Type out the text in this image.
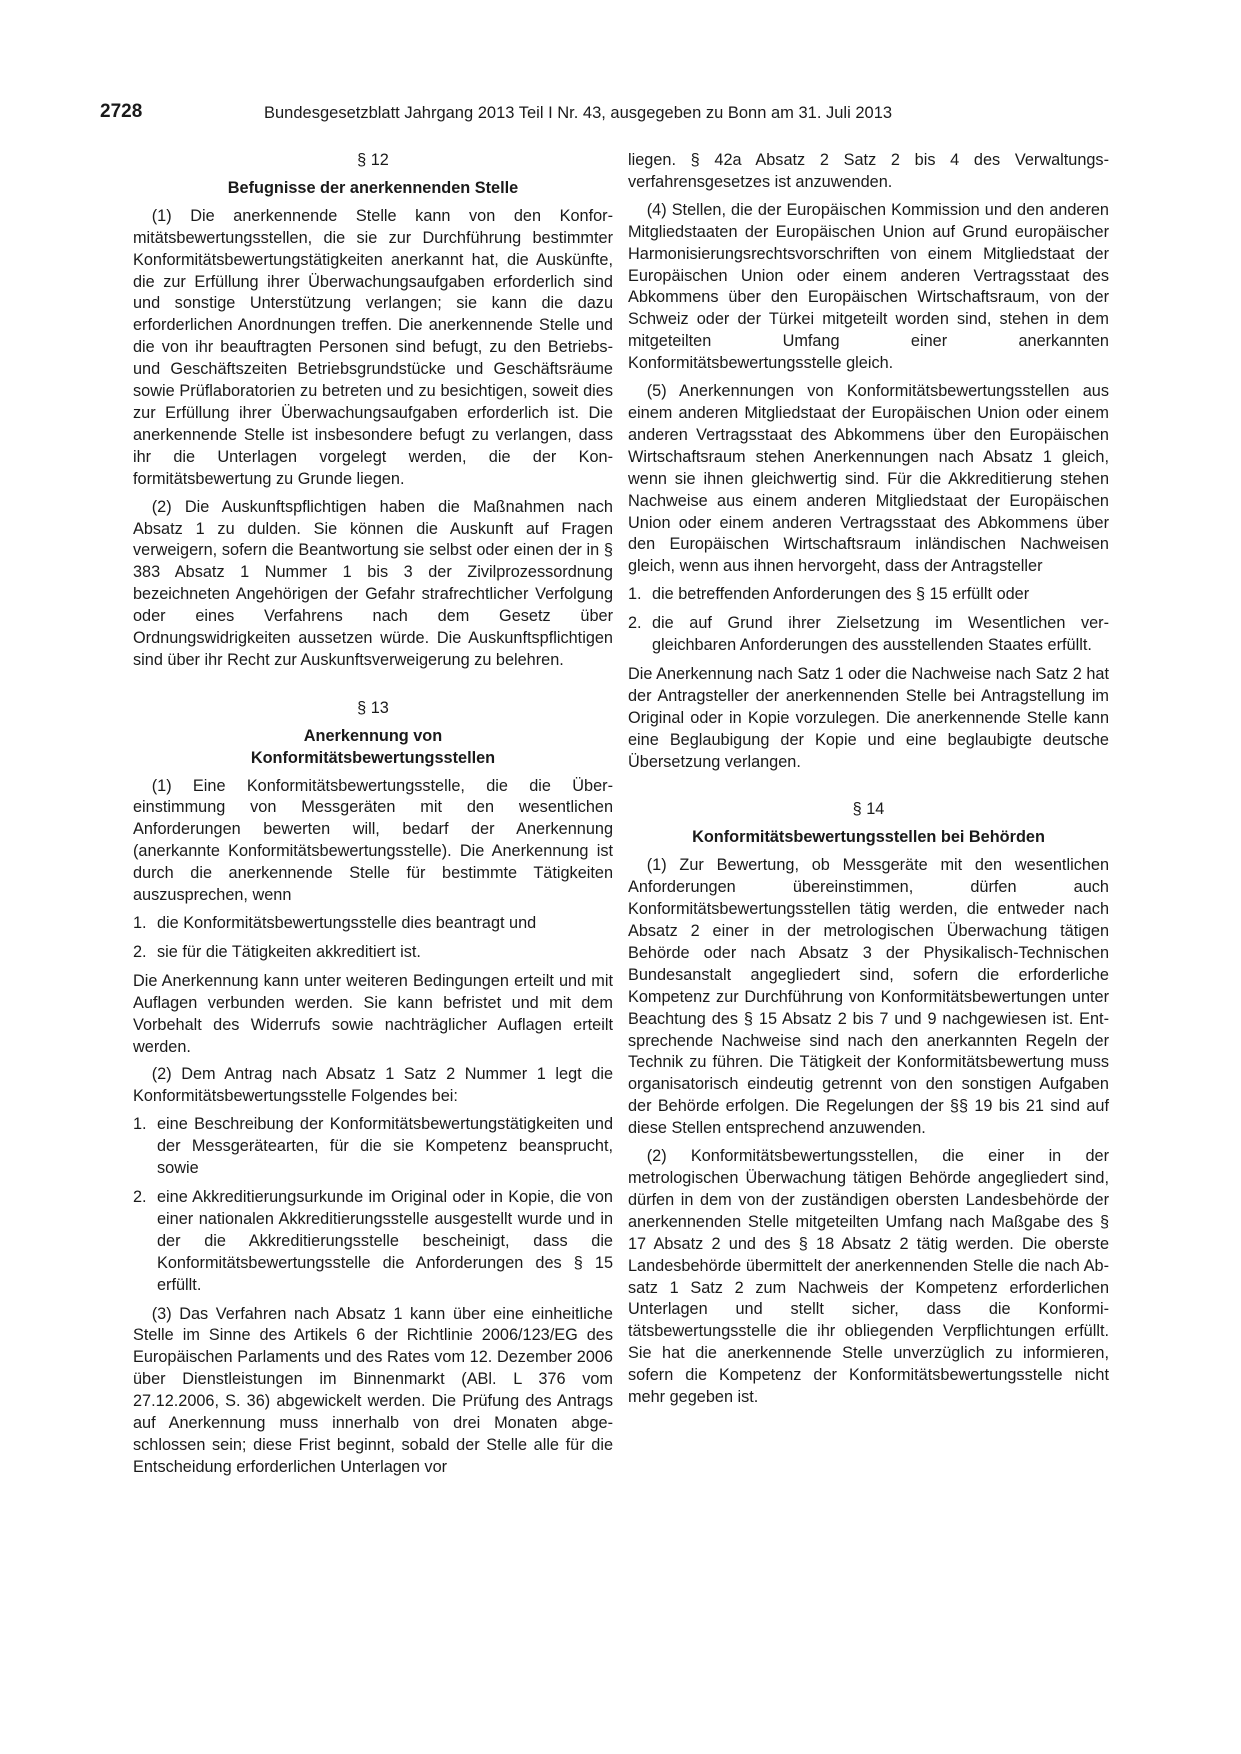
2728	Bundesgesetzblatt Jahrgang 2013 Teil I Nr. 43, ausgegeben zu Bonn am 31. Juli 2013
§ 12
Befugnisse der anerkennenden Stelle

(1) Die anerkennende Stelle kann von den Konformitätsbewertungsstellen, die sie zur Durchführung bestimmter Konformitätsbewertungstätigkeiten anerkannt hat, die Auskünfte, die zur Erfüllung ihrer Überwachungsaufgaben erforderlich sind und sonstige Unterstützung verlangen; sie kann die dazu erforderlichen Anordnungen treffen. Die anerkennende Stelle und die von ihr beauftragten Personen sind befugt, zu den Betriebs- und Geschäftszeiten Betriebsgrundstücke und Geschäftsräume sowie Prüflaboratorien zu betreten und zu besichtigen, soweit dies zur Erfüllung ihrer Überwachungsaufgaben erforderlich ist. Die anerkennende Stelle ist insbesondere befugt zu verlangen, dass ihr die Unterlagen vorgelegt werden, die der Konformitätsbewertung zu Grunde liegen.

(2) Die Auskunftspflichtigen haben die Maßnahmen nach Absatz 1 zu dulden. Sie können die Auskunft auf Fragen verweigern, sofern die Beantwortung sie selbst oder einen der in § 383 Absatz 1 Nummer 1 bis 3 der Zivilprozessordnung bezeichneten Angehörigen der Gefahr strafrechtlicher Verfolgung oder eines Verfahrens nach dem Gesetz über Ordnungswidrigkeiten aussetzen würde. Die Auskunftspflichtigen sind über ihr Recht zur Auskunftsverweigerung zu belehren.

§ 13
Anerkennung von
Konformitätsbewertungsstellen

(1) Eine Konformitätsbewertungsstelle, die die Übereinstimmung von Messgeräten mit den wesentlichen Anforderungen bewerten will, bedarf der Anerkennung (anerkannte Konformitätsbewertungsstelle). Die Anerkennung ist durch die anerkennende Stelle für bestimmte Tätigkeiten auszusprechen, wenn

1. die Konformitätsbewertungsstelle dies beantragt und
2. sie für die Tätigkeiten akkreditiert ist.

Die Anerkennung kann unter weiteren Bedingungen erteilt und mit Auflagen verbunden werden. Sie kann befristet und mit dem Vorbehalt des Widerrufs sowie nachträglicher Auflagen erteilt werden.

(2) Dem Antrag nach Absatz 1 Satz 2 Nummer 1 legt die Konformitätsbewertungsstelle Folgendes bei:

1. eine Beschreibung der Konformitätsbewertungstätigkeiten und der Messgerätearten, für die sie Kompetenz beansprucht, sowie
2. eine Akkreditierungsurkunde im Original oder in Kopie, die von einer nationalen Akkreditierungsstelle ausgestellt wurde und in der die Akkreditierungsstelle bescheinigt, dass die Konformitätsbewertungsstelle die Anforderungen des § 15 erfüllt.

(3) Das Verfahren nach Absatz 1 kann über eine einheitliche Stelle im Sinne des Artikels 6 der Richtlinie 2006/123/EG des Europäischen Parlaments und des Rates vom 12. Dezember 2006 über Dienstleistungen im Binnenmarkt (ABl. L 376 vom 27.12.2006, S. 36) abgewickelt werden. Die Prüfung des Antrags auf Anerkennung muss innerhalb von drei Monaten abgeschlossen sein; diese Frist beginnt, sobald der Stelle alle für die Entscheidung erforderlichen Unterlagen vor

liegen. § 42a Absatz 2 Satz 2 bis 4 des Verwaltungsverfahrensgesetzes ist anzuwenden.

(4) Stellen, die der Europäischen Kommission und den anderen Mitgliedstaaten der Europäischen Union auf Grund europäischer Harmonisierungsrechtsvorschriften von einem Mitgliedstaat der Europäischen Union oder einem anderen Vertragsstaat des Abkommens über den Europäischen Wirtschaftsraum, von der Schweiz oder der Türkei mitgeteilt worden sind, stehen in dem mitgeteilten Umfang einer anerkannten Konformitätsbewertungsstelle gleich.

(5) Anerkennungen von Konformitätsbewertungsstellen aus einem anderen Mitgliedstaat der Europäischen Union oder einem anderen Vertragsstaat des Abkommens über den Europäischen Wirtschaftsraum stehen Anerkennungen nach Absatz 1 gleich, wenn sie ihnen gleichwertig sind. Für die Akkreditierung stehen Nachweise aus einem anderen Mitgliedstaat der Europäischen Union oder einem anderen Vertragsstaat des Abkommens über den Europäischen Wirtschaftsraum inländischen Nachweisen gleich, wenn aus ihnen hervorgeht, dass der Antragsteller

1. die betreffenden Anforderungen des § 15 erfüllt oder
2. die auf Grund ihrer Zielsetzung im Wesentlichen vergleichbaren Anforderungen des ausstellenden Staates erfüllt.

Die Anerkennung nach Satz 1 oder die Nachweise nach Satz 2 hat der Antragsteller der anerkennenden Stelle bei Antragstellung im Original oder in Kopie vorzulegen. Die anerkennende Stelle kann eine Beglaubigung der Kopie und eine beglaubigte deutsche Übersetzung verlangen.

§ 14
Konformitätsbewertungsstellen bei Behörden

(1) Zur Bewertung, ob Messgeräte mit den wesentlichen Anforderungen übereinstimmen, dürfen auch Konformitätsbewertungsstellen tätig werden, die entweder nach Absatz 2 einer in der metrologischen Überwachung tätigen Behörde oder nach Absatz 3 der Physikalisch-Technischen Bundesanstalt angegliedert sind, sofern die erforderliche Kompetenz zur Durchführung von Konformitätsbewertungen unter Beachtung des § 15 Absatz 2 bis 7 und 9 nachgewiesen ist. Entsprechende Nachweise sind nach den anerkannten Regeln der Technik zu führen. Die Tätigkeit der Konformitätsbewertung muss organisatorisch eindeutig getrennt von den sonstigen Aufgaben der Behörde erfolgen. Die Regelungen der §§ 19 bis 21 sind auf diese Stellen entsprechend anzuwenden.

(2) Konformitätsbewertungsstellen, die einer in der metrologischen Überwachung tätigen Behörde angegliedert sind, dürfen in dem von der zuständigen obersten Landesbehörde der anerkennenden Stelle mitgeteilten Umfang nach Maßgabe des § 17 Absatz 2 und des § 18 Absatz 2 tätig werden. Die oberste Landesbehörde übermittelt der anerkennenden Stelle die nach Absatz 1 Satz 2 zum Nachweis der Kompetenz erforderlichen Unterlagen und stellt sicher, dass die Konformitätsbewertungsstelle die ihr obliegenden Verpflichtungen erfüllt. Sie hat die anerkennende Stelle unverzüglich zu informieren, sofern die Kompetenz der Konformitätsbewertungsstelle nicht mehr gegeben ist.
